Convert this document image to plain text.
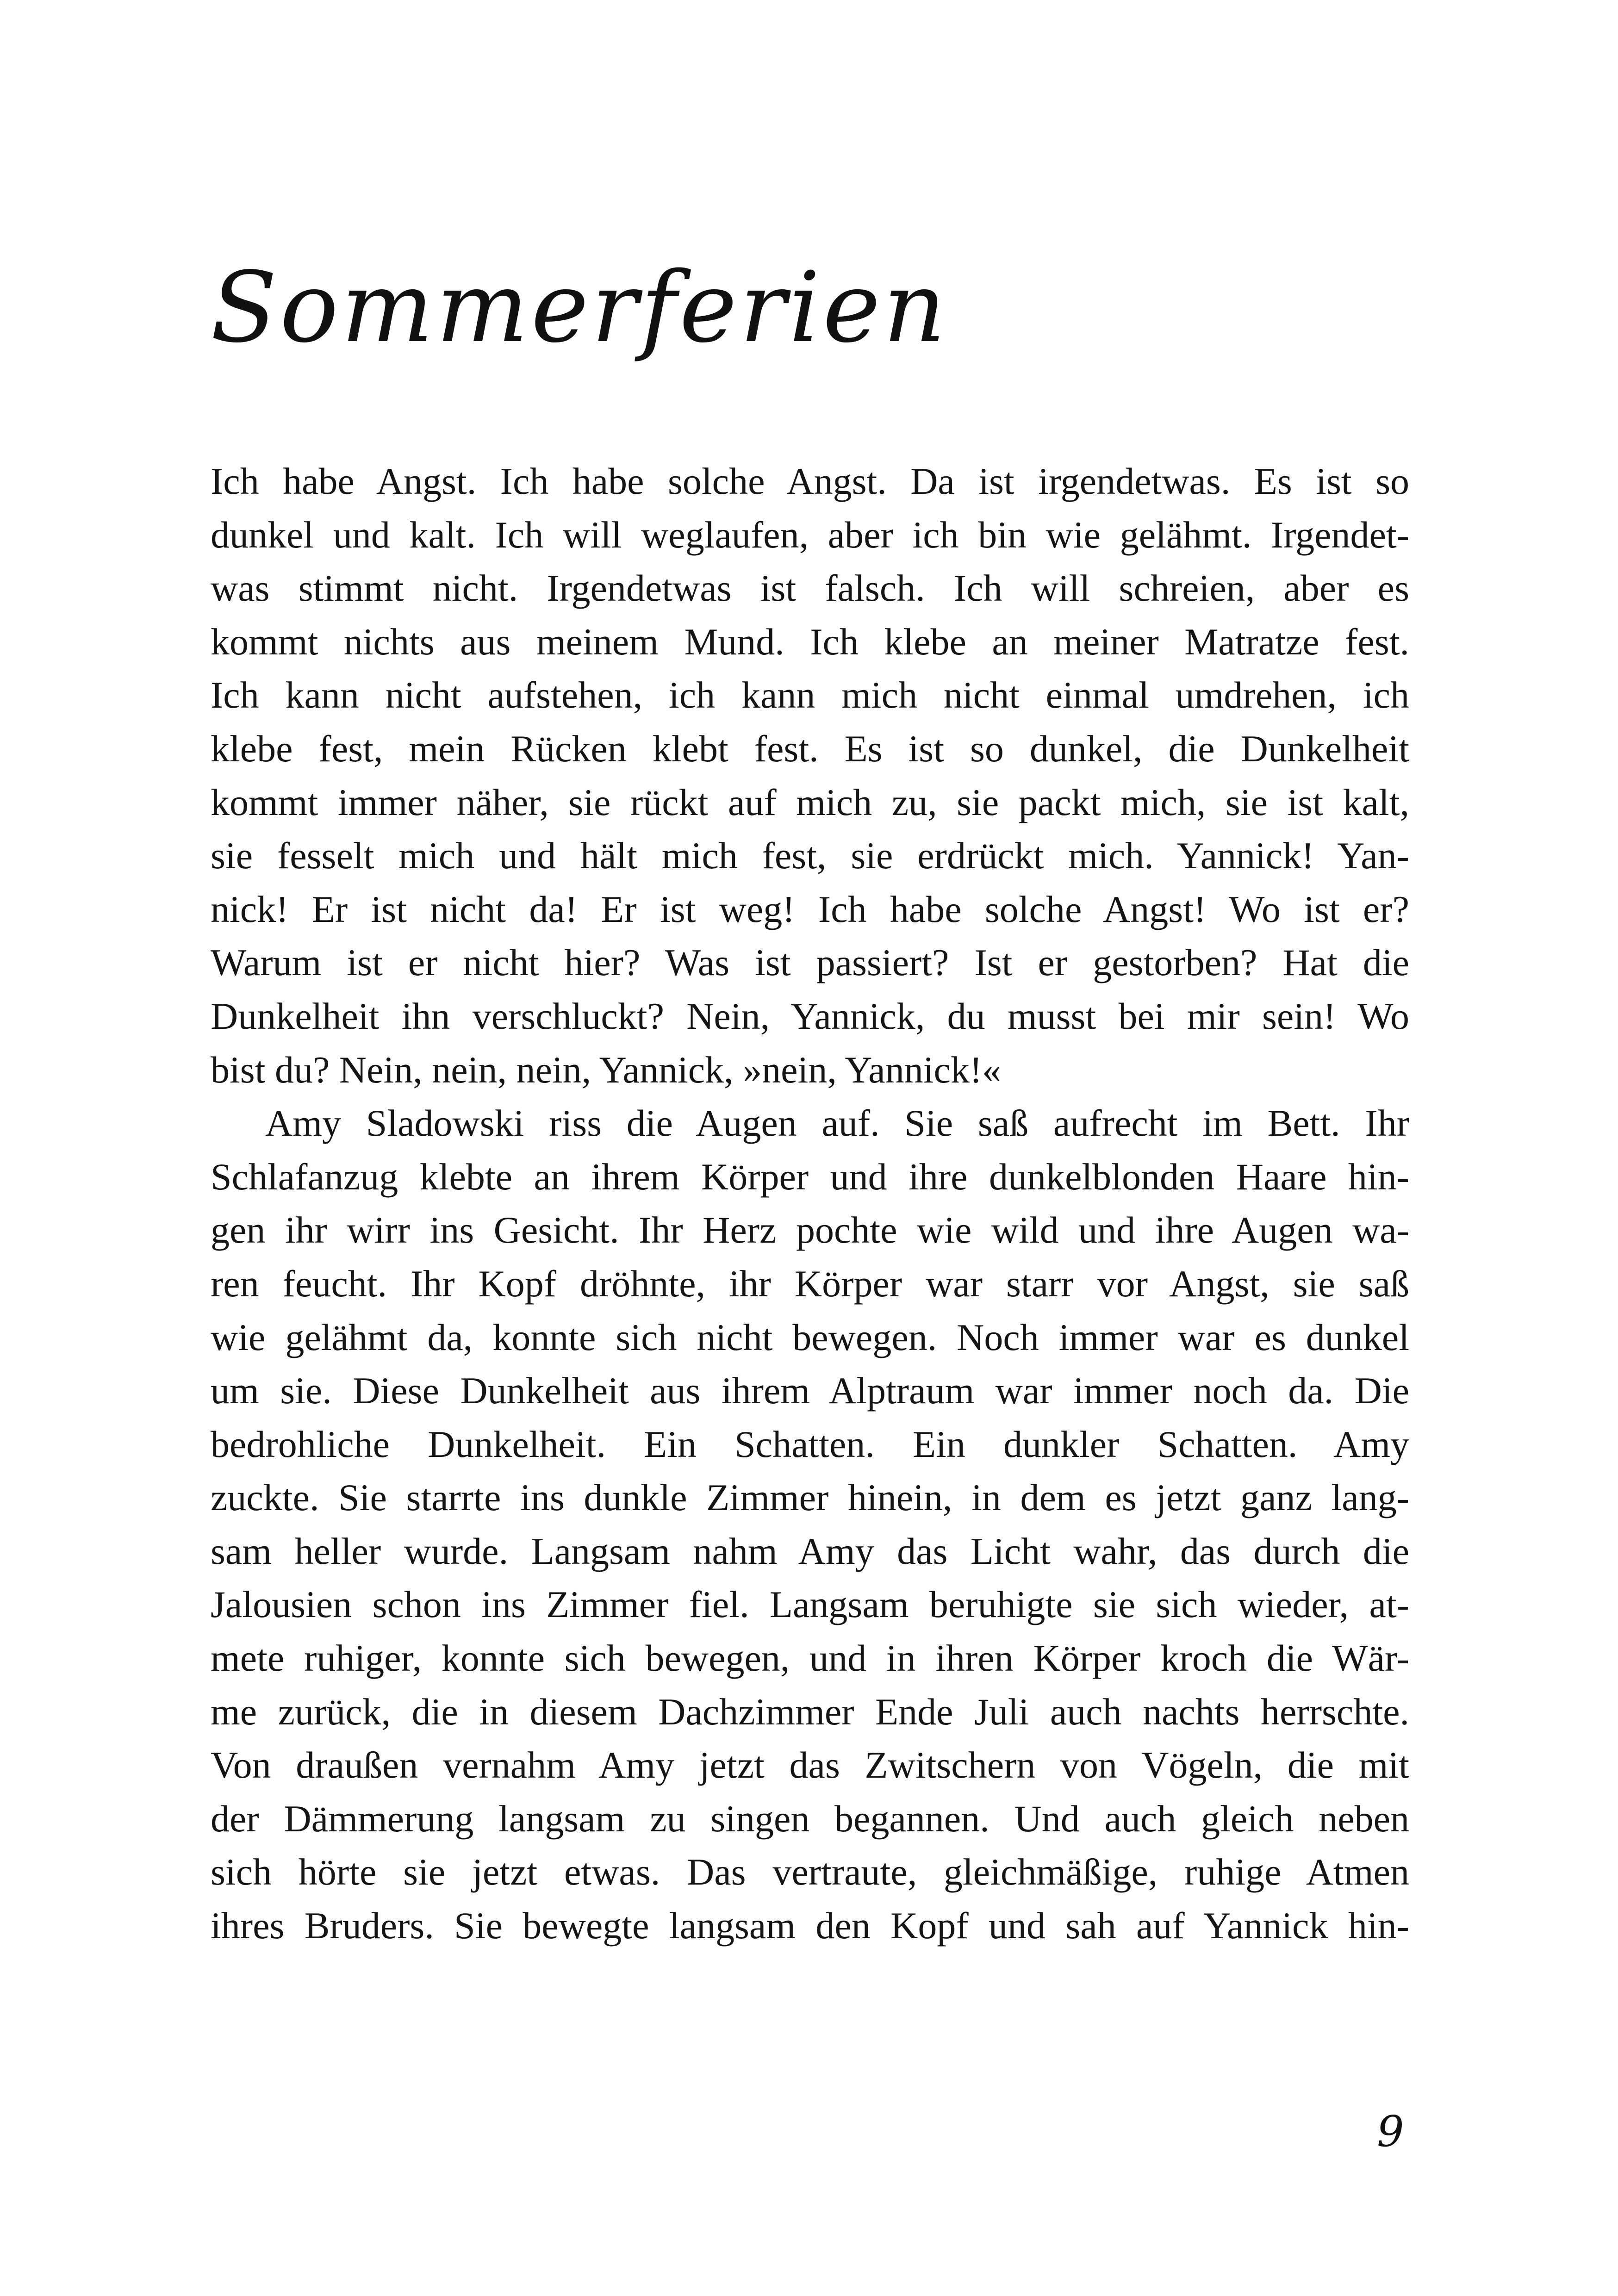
Sommerferien
Ich habe Angst. Ich habe solche Angst. Da ist irgendetwas. Es ist so
dunkel und kalt. Ich will weglaufen, aber ich bin wie gelähmt. Irgendet-
was stimmt nicht. Irgendetwas ist falsch. Ich will schreien, aber es
kommt nichts aus meinem Mund. Ich klebe an meiner Matratze fest.
Ich kann nicht aufstehen, ich kann mich nicht einmal umdrehen, ich
klebe fest, mein Rücken klebt fest. Es ist so dunkel, die Dunkelheit
kommt immer näher, sie rückt auf mich zu, sie packt mich, sie ist kalt,
sie fesselt mich und hält mich fest, sie erdrückt mich. Yannick! Yan-
nick! Er ist nicht da! Er ist weg! Ich habe solche Angst! Wo ist er?
Warum ist er nicht hier? Was ist passiert? Ist er gestorben? Hat die
Dunkelheit ihn verschluckt? Nein, Yannick, du musst bei mir sein! Wo
bist du? Nein, nein, nein, Yannick, »nein, Yannick!«
Amy Sladowski riss die Augen auf. Sie saß aufrecht im Bett. Ihr
Schlafanzug klebte an ihrem Körper und ihre dunkelblonden Haare hin-
gen ihr wirr ins Gesicht. Ihr Herz pochte wie wild und ihre Augen wa-
ren feucht. Ihr Kopf dröhnte, ihr Körper war starr vor Angst, sie saß
wie gelähmt da, konnte sich nicht bewegen. Noch immer war es dunkel
um sie. Diese Dunkelheit aus ihrem Alptraum war immer noch da. Die
bedrohliche Dunkelheit. Ein Schatten. Ein dunkler Schatten. Amy
zuckte. Sie starrte ins dunkle Zimmer hinein, in dem es jetzt ganz lang-
sam heller wurde. Langsam nahm Amy das Licht wahr, das durch die
Jalousien schon ins Zimmer fiel. Langsam beruhigte sie sich wieder, at-
mete ruhiger, konnte sich bewegen, und in ihren Körper kroch die Wär-
me zurück, die in diesem Dachzimmer Ende Juli auch nachts herrschte.
Von draußen vernahm Amy jetzt das Zwitschern von Vögeln, die mit
der Dämmerung langsam zu singen begannen. Und auch gleich neben
sich hörte sie jetzt etwas. Das vertraute, gleichmäßige, ruhige Atmen
ihres Bruders. Sie bewegte langsam den Kopf und sah auf Yannick hin-
9
